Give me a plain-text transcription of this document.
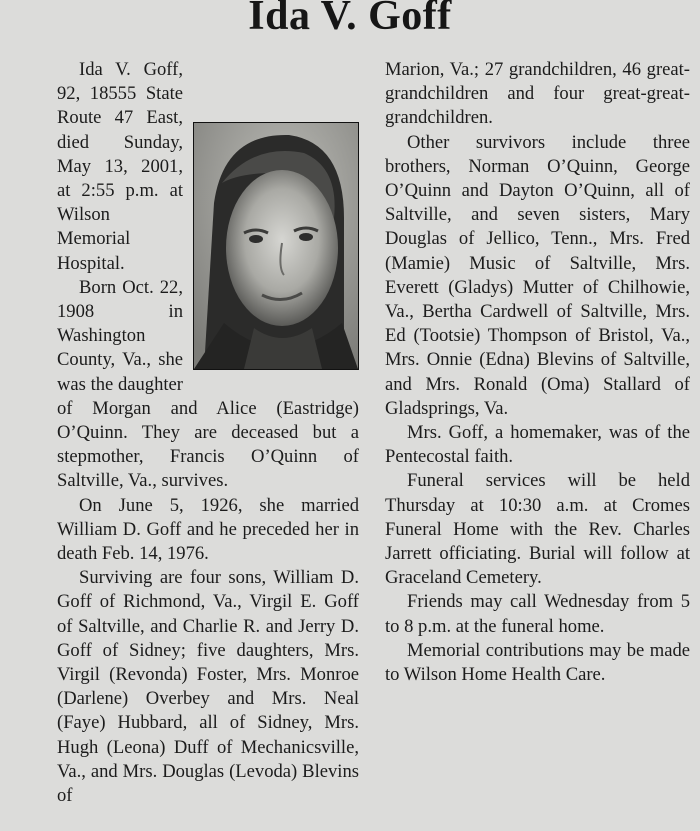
Ida V. Goff

Ida V. Goff, 92, 18555 State Route 47 East, died Sunday, May 13, 2001, at 2:55 p.m. at Wilson Memorial Hospital.

Born Oct. 22, 1908 in Washington County, Va., she was the daughter of Morgan and Alice (Eastridge) O’Quinn. They are deceased but a stepmother, Francis O’Quinn of Saltville, Va., survives.

On June 5, 1926, she married William D. Goff and he preceded her in death Feb. 14, 1976.

Surviving are four sons, William D. Goff of Richmond, Va., Virgil E. Goff of Saltville, and Charlie R. and Jerry D. Goff of Sidney; five daughters, Mrs. Virgil (Revonda) Foster, Mrs. Monroe (Darlene) Overbey and Mrs. Neal (Faye) Hubbard, all of Sidney, Mrs. Hugh (Leona) Duff of Mechanicsville, Va., and Mrs. Douglas (Levoda) Blevins of

Marion, Va.; 27 grandchildren, 46 great-grandchildren and four great-great-grandchildren.

Other survivors include three brothers, Norman O’Quinn, George O’Quinn and Dayton O’Quinn, all of Saltville, and seven sisters, Mary Douglas of Jellico, Tenn., Mrs. Fred (Mamie) Music of Saltville, Mrs. Everett (Gladys) Mutter of Chilhowie, Va., Bertha Cardwell of Saltville, Mrs. Ed (Tootsie) Thompson of Bristol, Va., Mrs. Onnie (Edna) Blevins of Saltville, and Mrs. Ronald (Oma) Stallard of Gladsprings, Va.

Mrs. Goff, a homemaker, was of the Pentecostal faith.

Funeral services will be held Thursday at 10:30 a.m. at Cromes Funeral Home with the Rev. Charles Jarrett officiating. Burial will follow at Graceland Cemetery.

Friends may call Wednesday from 5 to 8 p.m. at the funeral home.

Memorial contributions may be made to Wilson Home Health Care.
